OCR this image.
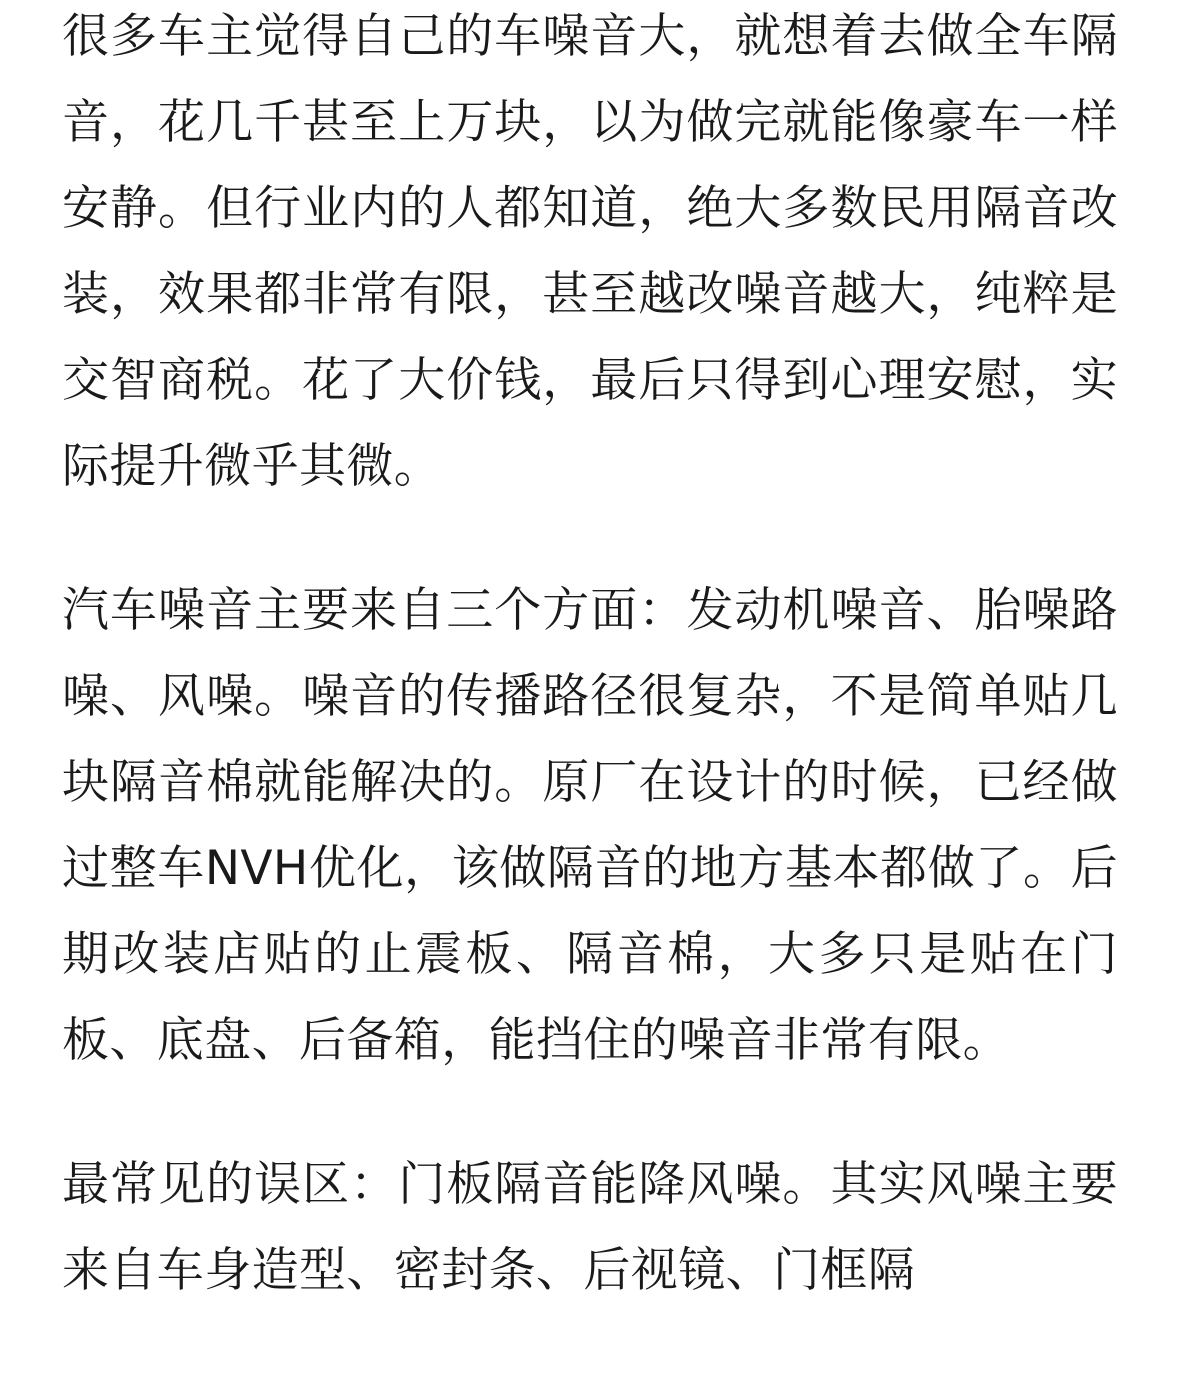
很多车主觉得自己的车噪音大，就想着去做全车隔音，花几千甚至上万块，以为做完就能像豪车一样安静。但行业内的人都知道，绝大多数民用隔音改装，效果都非常有限，甚至越改噪音越大，纯粹是交智商税。花了大价钱，最后只得到心理安慰，实际提升微乎其微。

汽车噪音主要来自三个方面：发动机噪音、胎噪路噪、风噪。噪音的传播路径很复杂，不是简单贴几块隔音棉就能解决的。原厂在设计的时候，已经做过整车NVH优化，该做隔音的地方基本都做了。后期改装店贴的止震板、隔音棉，大多只是贴在门板、底盘、后备箱，能挡住的噪音非常有限。

最常见的误区：门板隔音能降风噪。其实风噪主要来自车身造型、密封条、后视镜、门框隔
